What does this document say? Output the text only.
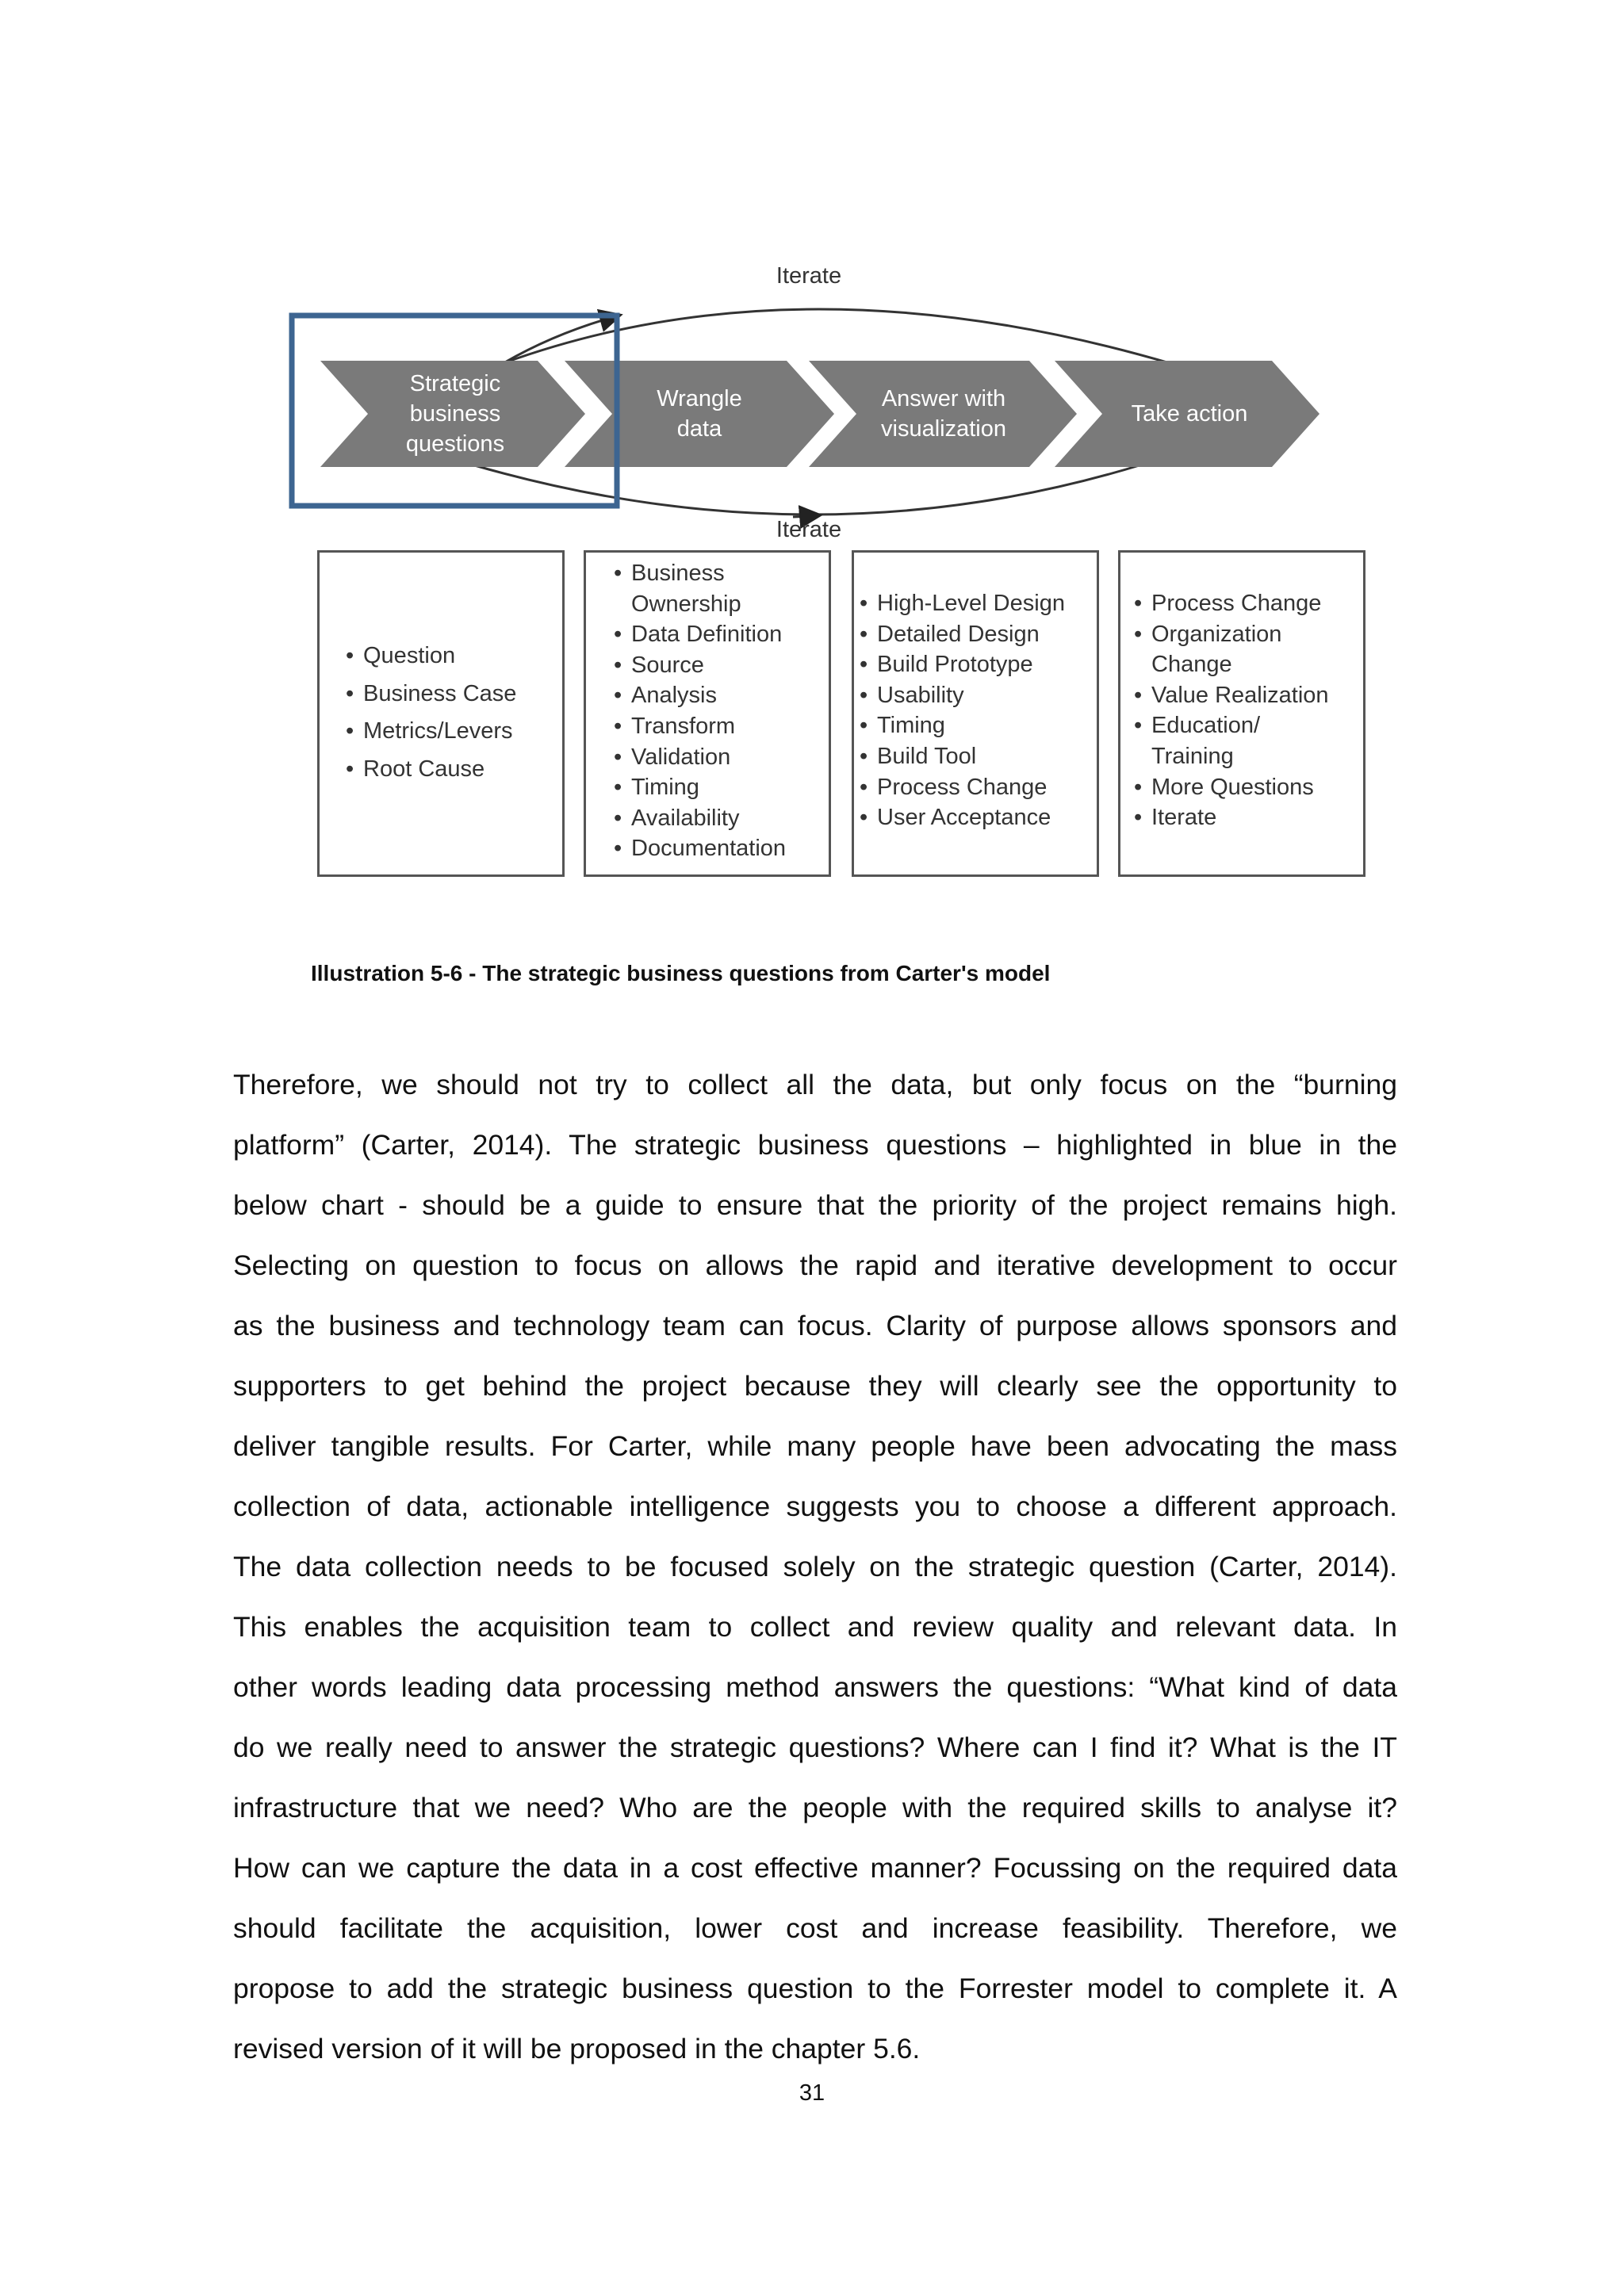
Iterate
Iterate
Strategic
business
questions
Wrangle
data
Answer with
visualization
Take action
• Question
• Business Case
• Metrics/Levers
• Root Cause
• Business Ownership
• Data Definition
• Source
• Analysis
• Transform
• Validation
• Timing
• Availability
• Documentation
• High-Level Design
• Detailed Design
• Build Prototype
• Usability
• Timing
• Build Tool
• Process Change
• User Acceptance
• Process Change
• Organization Change
• Value Realization
• Education/ Training
• More Questions
• Iterate

Illustration 5-6 - The strategic business questions from Carter's model

Therefore, we should not try to collect all the data, but only focus on the “burning
platform” (Carter, 2014). The strategic business questions – highlighted in blue in the
below chart - should be a guide to ensure that the priority of the project remains high.
Selecting on question to focus on allows the rapid and iterative development to occur
as the business and technology team can focus. Clarity of purpose allows sponsors and
supporters to get behind the project because they will clearly see the opportunity to
deliver tangible results. For Carter, while many people have been advocating the mass
collection of data, actionable intelligence suggests you to choose a different approach.
The data collection needs to be focused solely on the strategic question (Carter, 2014).
This enables the acquisition team to collect and review quality and relevant data. In
other words leading data processing method answers the questions: “What kind of data
do we really need to answer the strategic questions? Where can I find it? What is the IT
infrastructure that we need? Who are the people with the required skills to analyse it?
How can we capture the data in a cost effective manner? Focussing on the required data
should facilitate the acquisition, lower cost and increase feasibility. Therefore, we
propose to add the strategic business question to the Forrester model to complete it. A
revised version of it will be proposed in the chapter 5.6.

31
